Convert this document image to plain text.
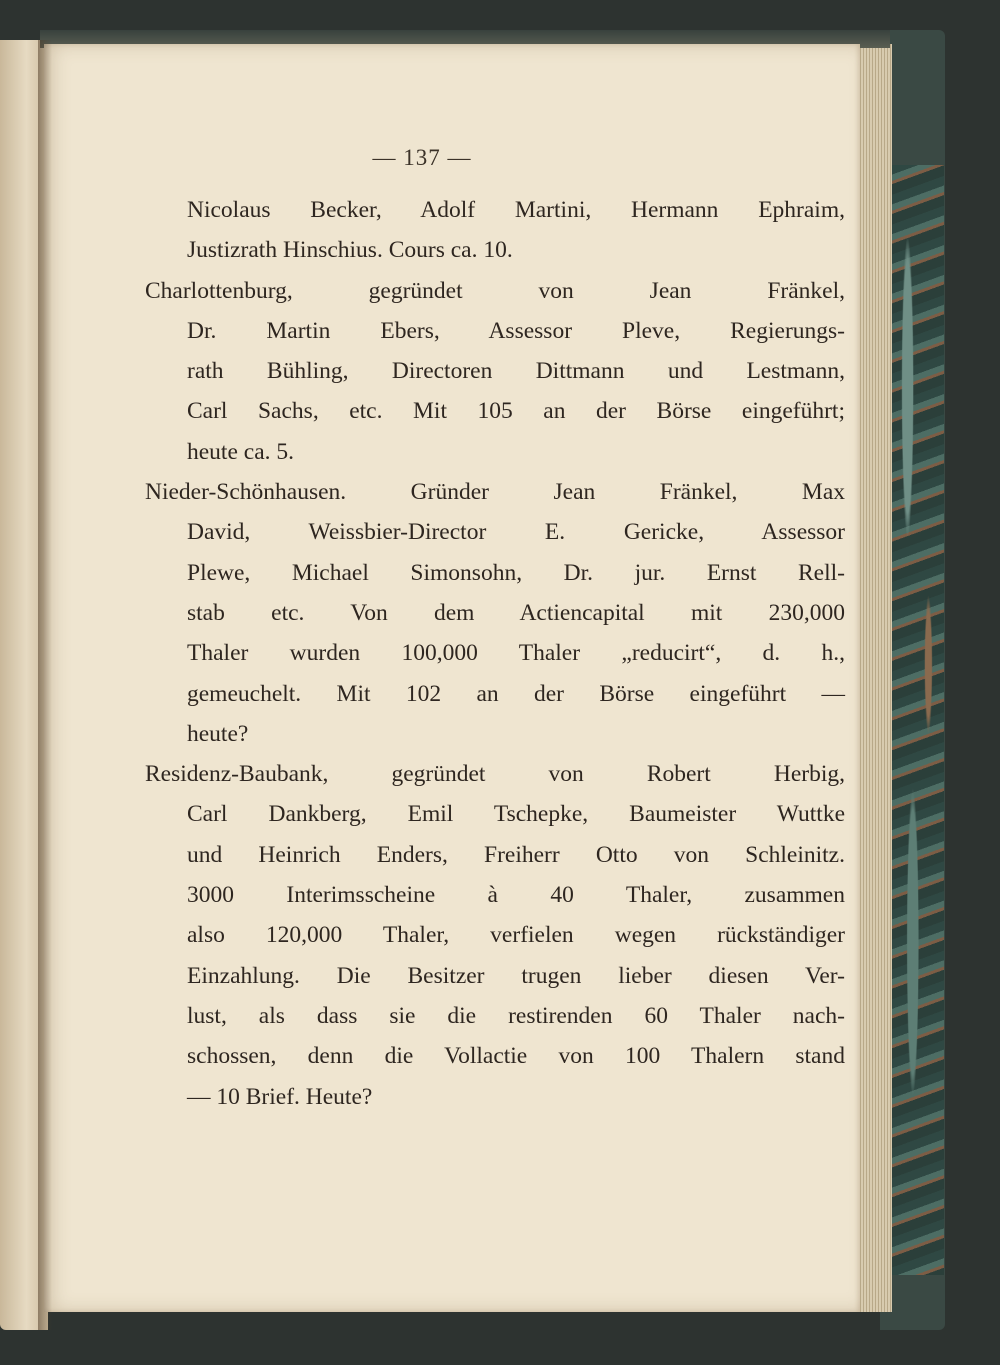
— 137 —
Nicolaus Becker, Adolf Martini, Hermann Ephraim,
Justizrath Hinschius. Cours ca. 10.
Charlottenburg, gegründet von Jean Fränkel,
Dr. Martin Ebers, Assessor Pleve, Regierungs-
rath Bühling, Directoren Dittmann und Lestmann,
Carl Sachs, etc. Mit 105 an der Börse eingeführt;
heute ca. 5.
Nieder-Schönhausen. Gründer Jean Fränkel, Max
David, Weissbier-Director E. Gericke, Assessor
Plewe, Michael Simonsohn, Dr. jur. Ernst Rell-
stab etc. Von dem Actiencapital mit 230,000
Thaler wurden 100,000 Thaler „reducirt“, d. h.,
gemeuchelt. Mit 102 an der Börse eingeführt —
heute?
Residenz-Baubank, gegründet von Robert Herbig,
Carl Dankberg, Emil Tschepke, Baumeister Wuttke
und Heinrich Enders, Freiherr Otto von Schleinitz.
3000 Interimsscheine à 40 Thaler, zusammen
also 120,000 Thaler, verfielen wegen rückständiger
Einzahlung. Die Besitzer trugen lieber diesen Ver-
lust, als dass sie die restirenden 60 Thaler nach-
schossen, denn die Vollactie von 100 Thalern stand
— 10 Brief. Heute?
